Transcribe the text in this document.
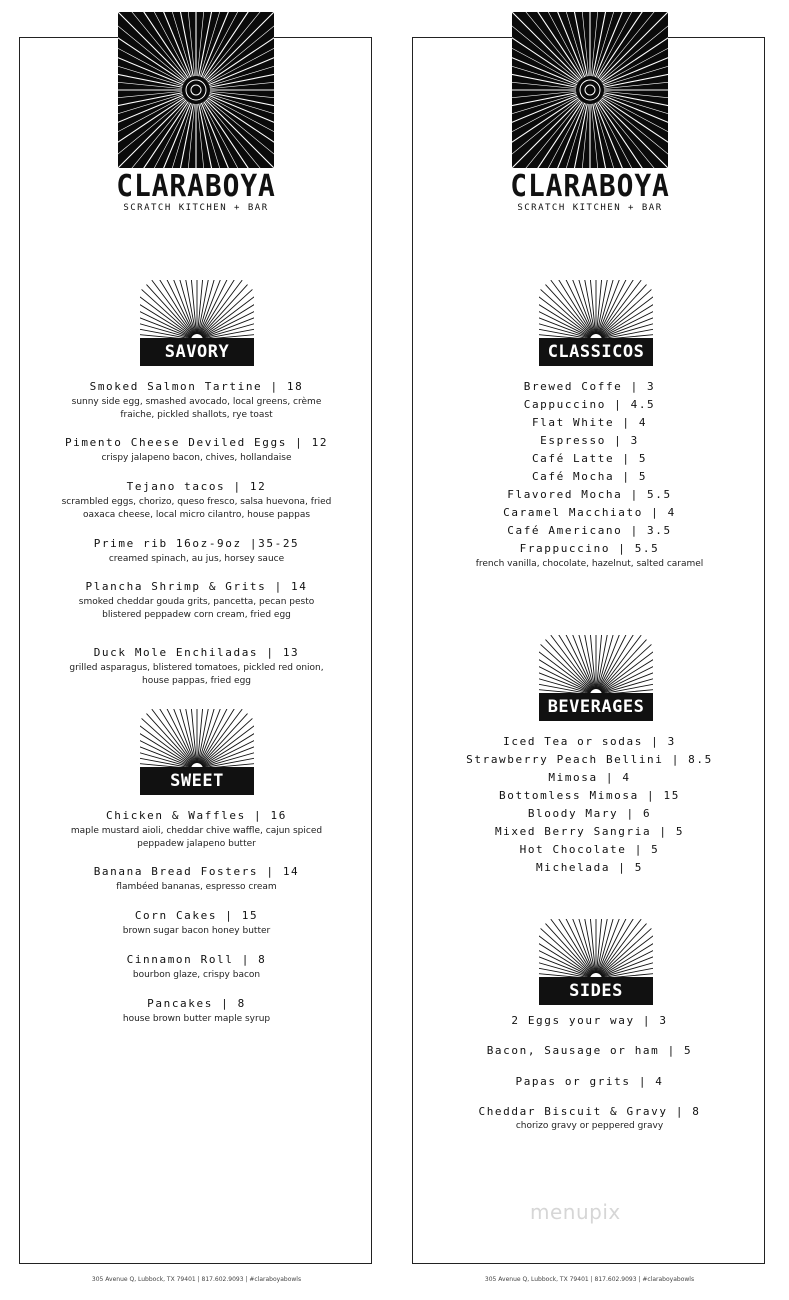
CLARABOYA	CLARABOYA
SCRATCH KITCHEN + BAR	SCRATCH KITCHEN + BAR
SAVORY
SWEET
CLASSICOS
BEVERAGES
SIDES
Smoked Salmon Tartine | 18
sunny side egg, smashed avocado, local greens, crème
fraiche, pickled shallots, rye toast
Pimento Cheese Deviled Eggs | 12
crispy jalapeno bacon, chives, hollandaise
Tejano tacos | 12
scrambled eggs, chorizo, queso fresco, salsa huevona, fried
oaxaca cheese, local micro cilantro, house pappas
Prime rib 16oz-9oz |35-25
creamed spinach, au jus, horsey sauce
Plancha Shrimp & Grits | 14
smoked cheddar gouda grits, pancetta, pecan pesto
blistered peppadew corn cream, fried egg
Duck Mole Enchiladas | 13
grilled asparagus, blistered tomatoes, pickled red onion,
house pappas, fried egg
Chicken & Waffles | 16
maple mustard aioli, cheddar chive waffle, cajun spiced
peppadew jalapeno butter
Banana Bread Fosters | 14
flambéed bananas, espresso cream
Corn Cakes | 15
brown sugar bacon honey butter
Cinnamon Roll | 8
bourbon glaze, crispy bacon
Pancakes | 8
house brown butter maple syrup
Brewed Coffe | 3
Cappuccino | 4.5
Flat White | 4
Espresso | 3
Café Latte | 5
Café Mocha | 5
Flavored Mocha | 5.5
Caramel Macchiato | 4
Café Americano | 3.5
Frappuccino | 5.5
french vanilla, chocolate, hazelnut, salted caramel
Iced Tea or sodas | 3
Strawberry Peach Bellini | 8.5
Mimosa | 4
Bottomless Mimosa | 15
Bloody Mary | 6
Mixed Berry Sangria | 5
Hot Chocolate | 5
Michelada | 5
2 Eggs your way | 3
Bacon, Sausage or ham | 5
Papas or grits | 4
Cheddar Biscuit & Gravy | 8
chorizo gravy or peppered gravy
menupix
305 Avenue Q, Lubbock, TX 79401 | 817.602.9093 | #claraboyabowls	305 Avenue Q, Lubbock, TX 79401 | 817.602.9093 | #claraboyabowls
